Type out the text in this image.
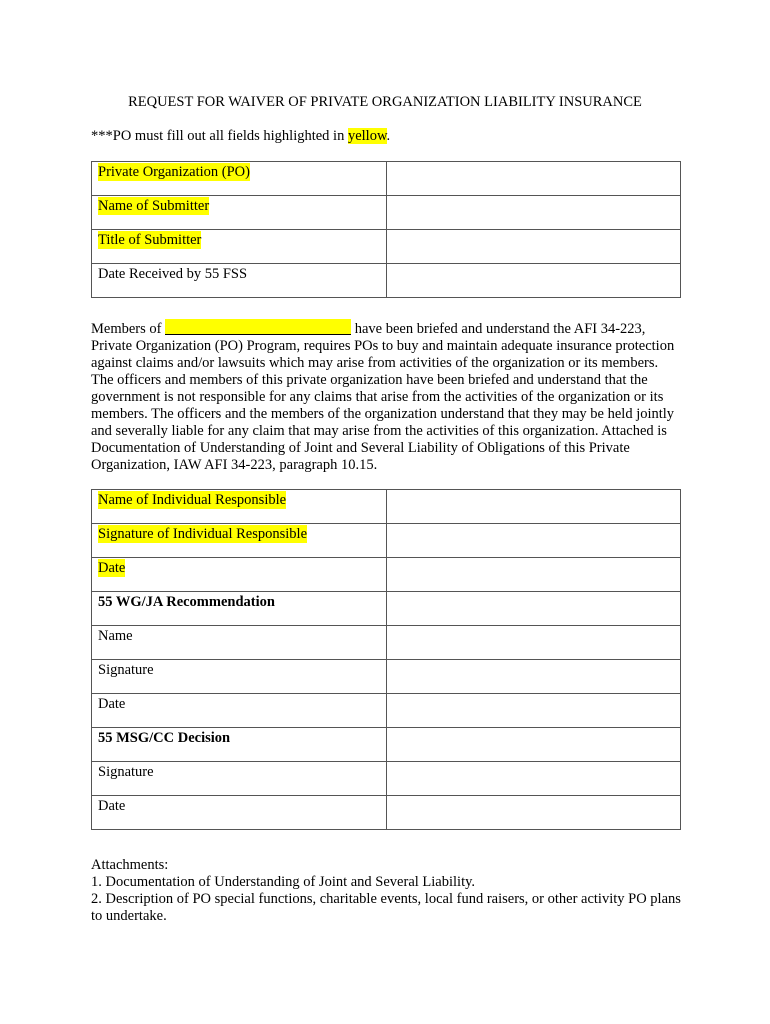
REQUEST FOR WAIVER OF PRIVATE ORGANIZATION LIABILITY INSURANCE
***PO must fill out all fields highlighted in yellow.
Private Organization (PO)	
Name of Submitter	
Title of Submitter	
Date Received by 55 FSS	
Members of	have been briefed and understand the AFI 34-223, Private Organization (PO) Program, requires POs to buy and maintain adequate insurance protection against claims and/or lawsuits which may arise from activities of the organization or its members. The officers and members of this private organization have been briefed and understand that the government is not responsible for any claims that arise from the activities of the organization or its members. The officers and the members of the organization understand that they may be held jointly and severally liable for any claim that may arise from the activities of this organization. Attached is Documentation of Understanding of Joint and Several Liability of Obligations of this Private Organization, IAW AFI 34-223, paragraph 10.15.
Name of Individual Responsible	
Signature of Individual Responsible	
Date	
55 WG/JA Recommendation	
Name	
Signature	
Date	
55 MSG/CC Decision	
Signature	
Date	
Attachments:
1. Documentation of Understanding of Joint and Several Liability.
2. Description of PO special functions, charitable events, local fund raisers, or other activity PO plans to undertake.
